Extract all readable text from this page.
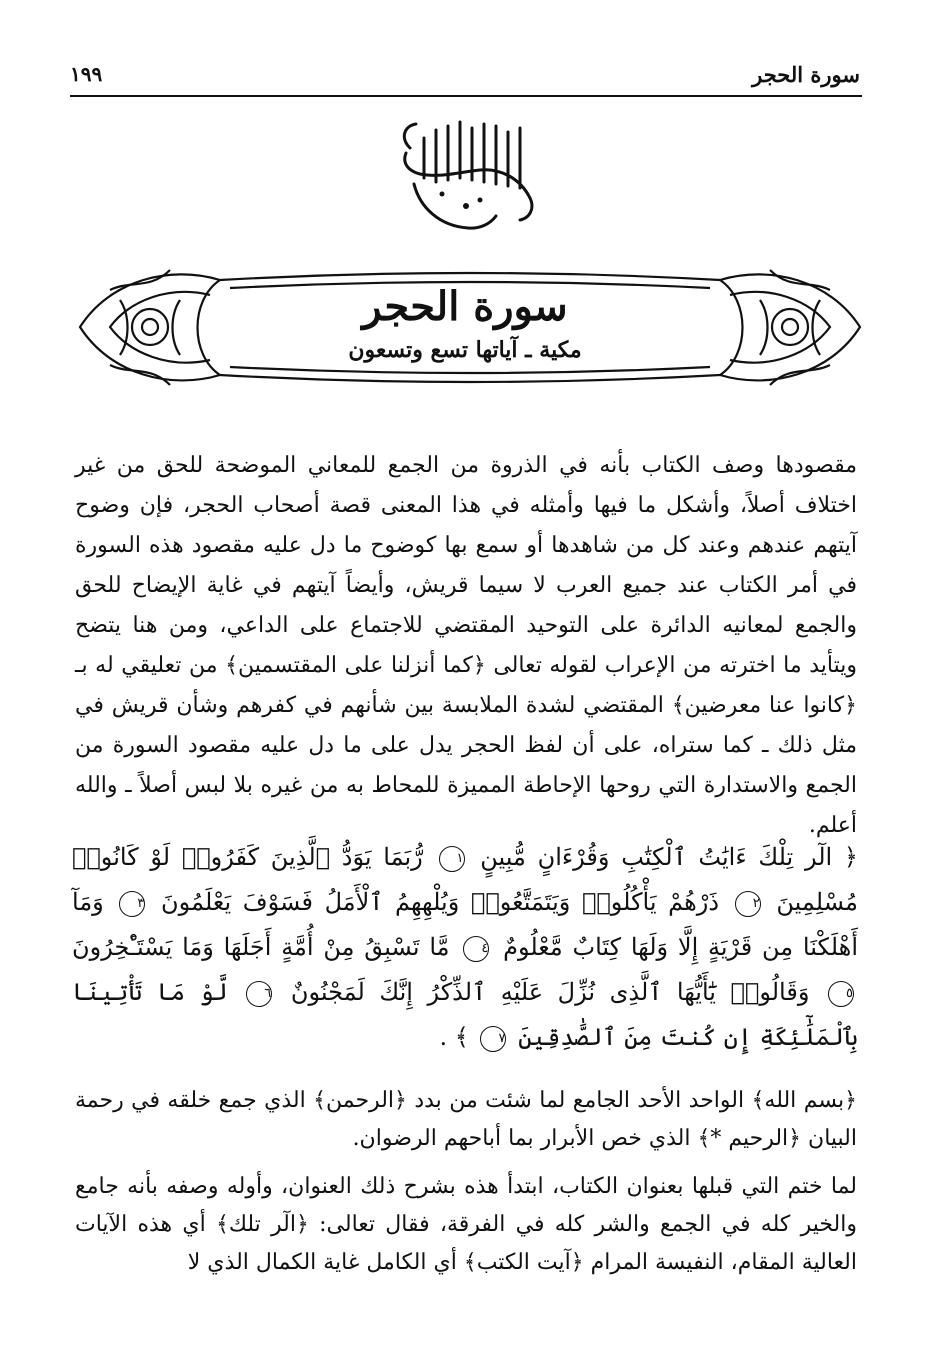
سورة الحجر
١٩٩
سورة الحجر
مكية ـ آياتها تسع وتسعون

مقصودها وصف الكتاب بأنه في الذروة من الجمع للمعاني الموضحة للحق من غير اختلاف أصلاً، وأشكل ما فيها وأمثله في هذا المعنى قصة أصحاب الحجر، فإن وضوح آيتهم عندهم وعند كل من شاهدها أو سمع بها كوضوح ما دل عليه مقصود هذه السورة في أمر الكتاب عند جميع العرب لا سيما قريش، وأيضاً آيتهم في غاية الإيضاح للحق والجمع لمعانيه الدائرة على التوحيد المقتضي للاجتماع على الداعي، ومن هنا يتضح ويتأيد ما اخترته من الإعراب لقوله تعالى ﴿كما أنزلنا على المقتسمين﴾ من تعليقي له بـ ﴿كانوا عنا معرضين﴾ المقتضي لشدة الملابسة بين شأنهم في كفرهم وشأن قريش في مثل ذلك ـ كما ستراه، على أن لفظ الحجر يدل على ما دل عليه مقصود السورة من الجمع والاستدارة التي روحها الإحاطة المميزة للمحاط به من غيره بلا لبس أصلاً ـ والله أعلم.

﴿ الٓر تِلْكَ ءَايَٰتُ ٱلْكِتَٰبِ وَقُرْءَانٍ مُّبِينٍ ١ رُّبَمَا يَوَدُّ ٱلَّذِينَ كَفَرُوا۟ لَوْ كَانُوا۟ مُسْلِمِينَ ٢ ذَرْهُمْ يَأْكُلُوا۟ وَيَتَمَتَّعُوا۟ وَيُلْهِهِمُ ٱلْأَمَلُ فَسَوْفَ يَعْلَمُونَ ٣ وَمَآ أَهْلَكْنَا مِن قَرْيَةٍ إِلَّا وَلَهَا كِتَابٌ مَّعْلُومٌ ٤ مَّا تَسْبِقُ مِنْ أُمَّةٍ أَجَلَهَا وَمَا يَسْتَـْٔخِرُونَ ٥ وَقَالُوا۟ يَٰٓأَيُّهَا ٱلَّذِى نُزِّلَ عَلَيْهِ ٱلذِّكْرُ إِنَّكَ لَمَجْنُونٌ ٦ لَّوْ مَا تَأْتِينَا بِٱلْمَلَٰٓئِكَةِ إِن كُنتَ مِنَ ٱلصَّٰدِقِينَ ٧ ﴾ .

﴿بسم الله﴾ الواحد الأحد الجامع لما شئت من بدد ﴿الرحمن﴾ الذي جمع خلقه في رحمة البيان ﴿الرحيم *﴾ الذي خص الأبرار بما أباحهم الرضوان.

لما ختم التي قبلها بعنوان الكتاب، ابتدأ هذه بشرح ذلك العنوان، وأوله وصفه بأنه جامع والخير كله في الجمع والشر كله في الفرقة، فقال تعالى: ﴿الٓر تلك﴾ أي هذه الآيات العالية المقام، النفيسة المرام ﴿آيت الكتب﴾ أي الكامل غاية الكمال الذي لا
